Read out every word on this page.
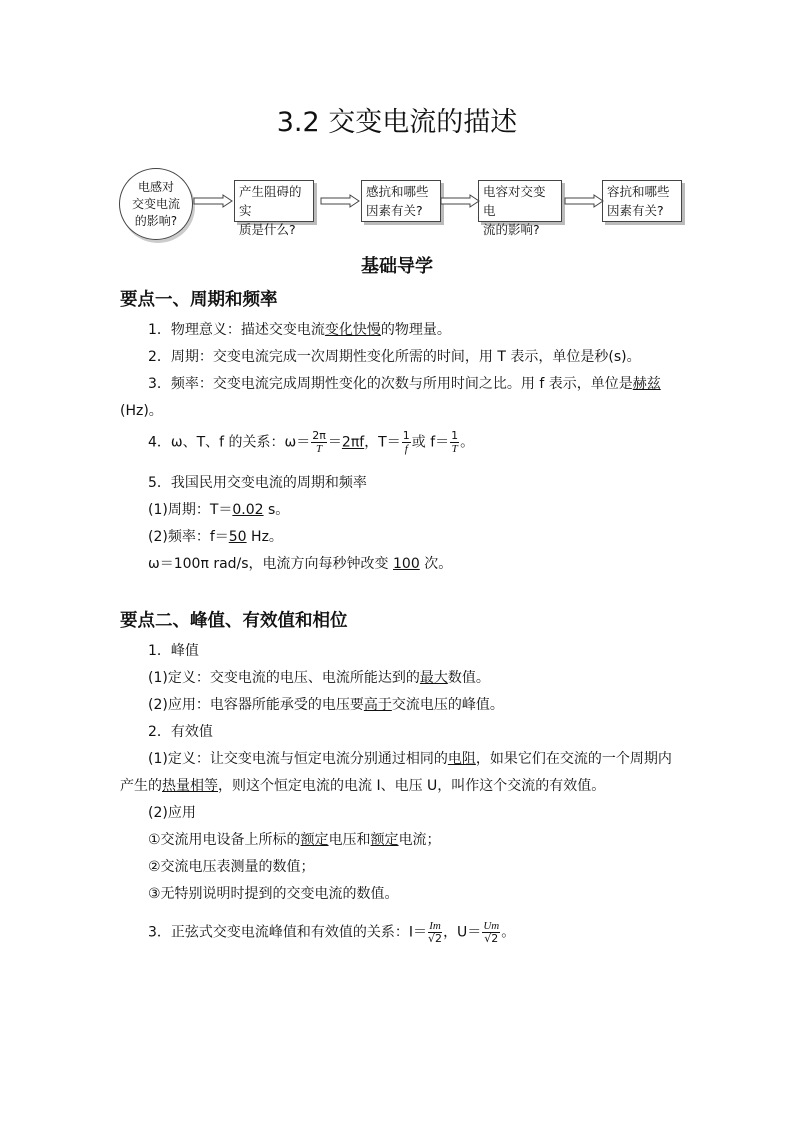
3.2 交变电流的描述
电感对
交变电流
的影响?
产生阻碍的实
质是什么?
感抗和哪些
因素有关?
电容对交变电
流的影响?
容抗和哪些
因素有关?
基础导学
要点一、周期和频率
1．物理意义：描述交变电流变化快慢的物理量。
2．周期：交变电流完成一次周期性变化所需的时间，用 T 表示，单位是秒(s)。
3．频率：交变电流完成周期性变化的次数与所用时间之比。用 f 表示，单位是赫兹
(Hz)。
4．ω、T、f 的关系：$\omega= \frac{2\pi}{T} =2\pi f$，$T= \frac{1}{f}$ 或 $f= \frac{1}{T}$ 。
5．我国民用交变电流的周期和频率
(1)周期：T＝0.02 s。
(2)频率：f＝50 Hz。
ω＝100π rad/s，电流方向每秒钟改变 100 次。
要点二、峰值、有效值和相位
1．峰值
(1)定义：交变电流的电压、电流所能达到的最大数值。
(2)应用：电容器所能承受的电压要高于交流电压的峰值。
2．有效值
(1)定义：让交变电流与恒定电流分别通过相同的电阻，如果它们在交流的一个周期内
产生的热量相等，则这个恒定电流的电流 I、电压 U，叫作这个交流的有效值。
(2)应用
①交流用电设备上所标的额定电压和额定电流；
②交流电压表测量的数值；
③无特别说明时提到的交变电流的数值。
3．正弦式交变电流峰值和有效值的关系：$I= \frac{Im}{√2}$ ，$U= \frac{Um}{√2}$ 。
